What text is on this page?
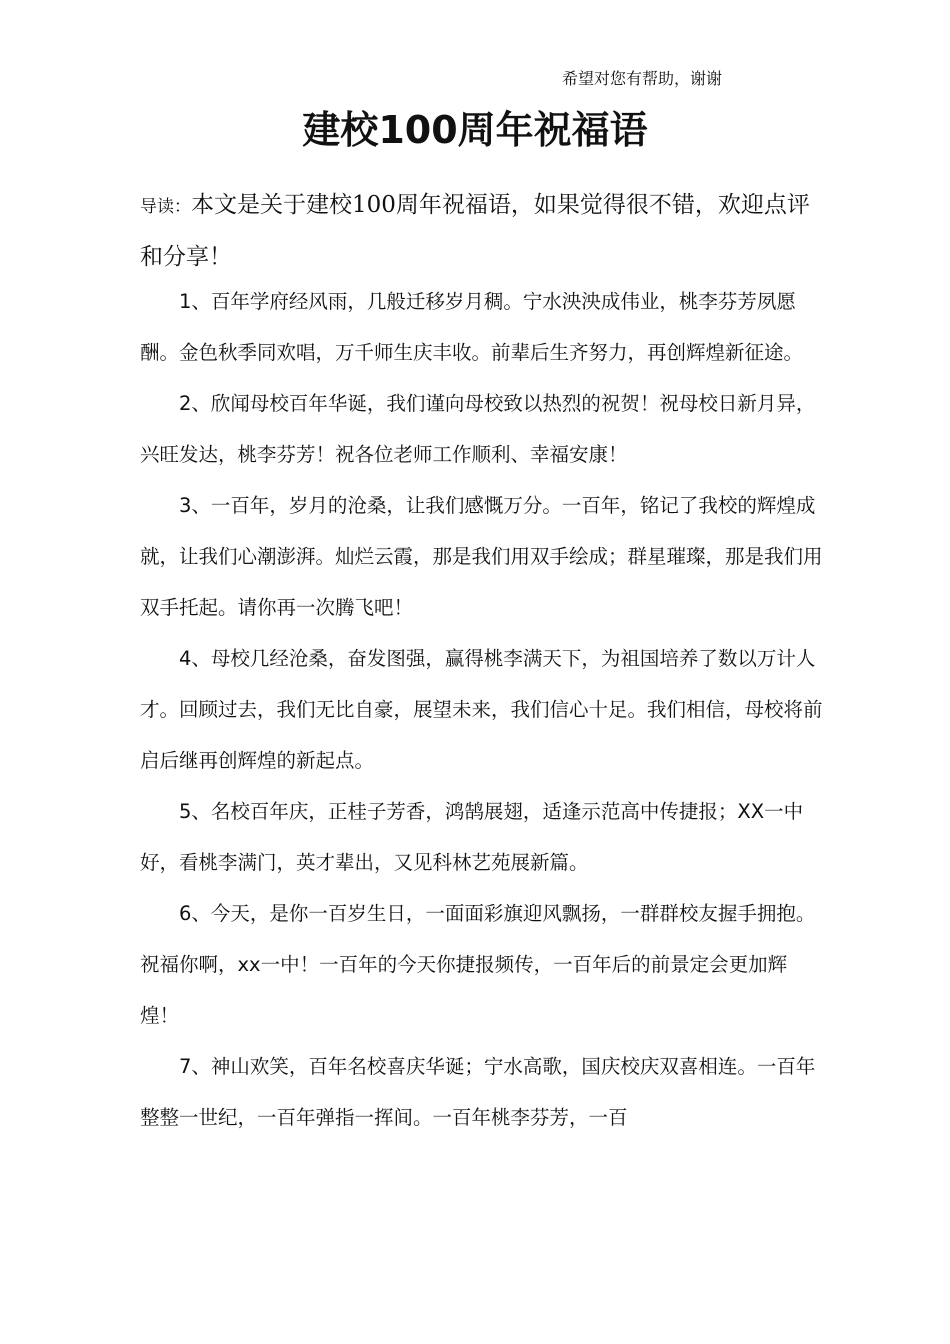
希望对您有帮助，谢谢
建校100周年祝福语

导读：本文是关于建校100周年祝福语，如果觉得很不错，欢迎点评和分享！

1、百年学府经风雨，几般迁移岁月稠。宁水泱泱成伟业，桃李芬芳夙愿酬。金色秋季同欢唱，万千师生庆丰收。前辈后生齐努力，再创辉煌新征途。

2、欣闻母校百年华诞，我们谨向母校致以热烈的祝贺！祝母校日新月异，兴旺发达，桃李芬芳！祝各位老师工作顺利、幸福安康！

3、一百年，岁月的沧桑，让我们感慨万分。一百年，铭记了我校的辉煌成就，让我们心潮澎湃。灿烂云霞，那是我们用双手绘成；群星璀璨，那是我们用双手托起。请你再一次腾飞吧！

4、母校几经沧桑，奋发图强，赢得桃李满天下，为祖国培养了数以万计人才。回顾过去，我们无比自豪，展望未来，我们信心十足。我们相信，母校将前启后继再创辉煌的新起点。

5、名校百年庆，正桂子芳香，鸿鹄展翅，适逢示范高中传捷报；XX一中好，看桃李满门，英才辈出，又见科林艺苑展新篇。

6、今天，是你一百岁生日，一面面彩旗迎风飘扬，一群群校友握手拥抱。祝福你啊，xx一中！一百年的今天你捷报频传，一百年后的前景定会更加辉煌！

7、神山欢笑，百年名校喜庆华诞；宁水高歌，国庆校庆双喜相连。一百年整整一世纪，一百年弹指一挥间。一百年桃李芬芳，一百
